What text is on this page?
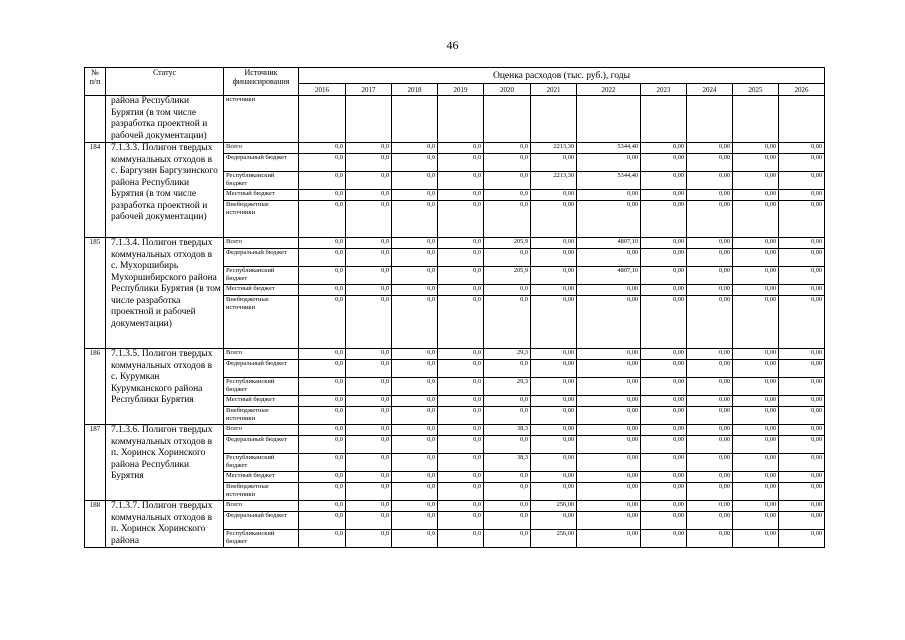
46
№
п/п	Статус	Источник финансирования	Оценка расходов (тыс. руб.), годы										
			2016	2017	2018	2019	2020	2021	2022	2023	2024	2025	2026
	района Республики Бурятия (в том числе разработка проектной и рабочей документации)	источники											
184	7.1.3.3. Полигон твердых коммунальных отходов в с. Баргузин Баргузинского района Республики Бурятия (в том числе разработка проектной и рабочей документации)	Всего	0,0	0,0	0,0	0,0	0,0	2213,30	5344,40	0,00	0,00	0,00	0,00
		Федеральный бюджет	0,0	0,0	0,0	0,0	0,0	0,00	0,00	0,00	0,00	0,00	0,00
		Республиканский бюджет	0,0	0,0	0,0	0,0	0,0	2213,30	5344,40	0,00	0,00	0,00	0,00
		Местный бюджет	0,0	0,0	0,0	0,0	0,0	0,00	0,00	0,00	0,00	0,00	0,00
		Внебюджетные источники	0,0	0,0	0,0	0,0	0,0	0,00	0,00	0,00	0,00	0,00	0,00
185	7.1.3.4. Полигон твердых коммунальных отходов в с. Мухоршибирь Мухоршибирского района Республики Бурятия (в том числе разработка проектной и рабочей документации)	Всего	0,0	0,0	0,0	0,0	205,9	0,00	4807,10	0,00	0,00	0,00	0,00
		Федеральный бюджет	0,0	0,0	0,0	0,0	0,0	0,00	0,00	0,00	0,00	0,00	0,00
		Республиканский бюджет	0,0	0,0	0,0	0,0	205,9	0,00	4807,10	0,00	0,00	0,00	0,00
		Местный бюджет	0,0	0,0	0,0	0,0	0,0	0,00	0,00	0,00	0,00	0,00	0,00
		Внебюджетные источники	0,0	0,0	0,0	0,0	0,0	0,00	0,00	0,00	0,00	0,00	0,00
186	7.1.3.5. Полигон твердых коммунальных отходов в с. Курумкан Курумканского района Республики Бурятия	Всего	0,0	0,0	0,0	0,0	29,3	0,00	0,00	0,00	0,00	0,00	0,00
		Федеральный бюджет	0,0	0,0	0,0	0,0	0,0	0,00	0,00	0,00	0,00	0,00	0,00
		Республиканский бюджет	0,0	0,0	0,0	0,0	29,3	0,00	0,00	0,00	0,00	0,00	0,00
		Местный бюджет	0,0	0,0	0,0	0,0	0,0	0,00	0,00	0,00	0,00	0,00	0,00
		Внебюджетные источники	0,0	0,0	0,0	0,0	0,0	0,00	0,00	0,00	0,00	0,00	0,00
187	7.1.3.6. Полигон твердых коммунальных отходов в п. Хоринск Хоринского района Республики Бурятия	Всего	0,0	0,0	0,0	0,0	38,3	0,00	0,00	0,00	0,00	0,00	0,00
		Федеральный бюджет	0,0	0,0	0,0	0,0	0,0	0,00	0,00	0,00	0,00	0,00	0,00
		Республиканский бюджет	0,0	0,0	0,0	0,0	38,3	0,00	0,00	0,00	0,00	0,00	0,00
		Местный бюджет	0,0	0,0	0,0	0,0	0,0	0,00	0,00	0,00	0,00	0,00	0,00
		Внебюджетные источники	0,0	0,0	0,0	0,0	0,0	0,00	0,00	0,00	0,00	0,00	0,00
188	7.1.3.7. Полигон твердых коммунальных отходов в п. Хоринск Хоринского района	Всего	0,0	0,0	0,0	0,0	0,0	256,00	0,00	0,00	0,00	0,00	0,00
		Федеральный бюджет	0,0	0,0	0,0	0,0	0,0	0,00	0,00	0,00	0,00	0,00	0,00
		Республиканский бюджет	0,0	0,0	0,0	0,0	0,0	256,00	0,00	0,00	0,00	0,00	0,00
